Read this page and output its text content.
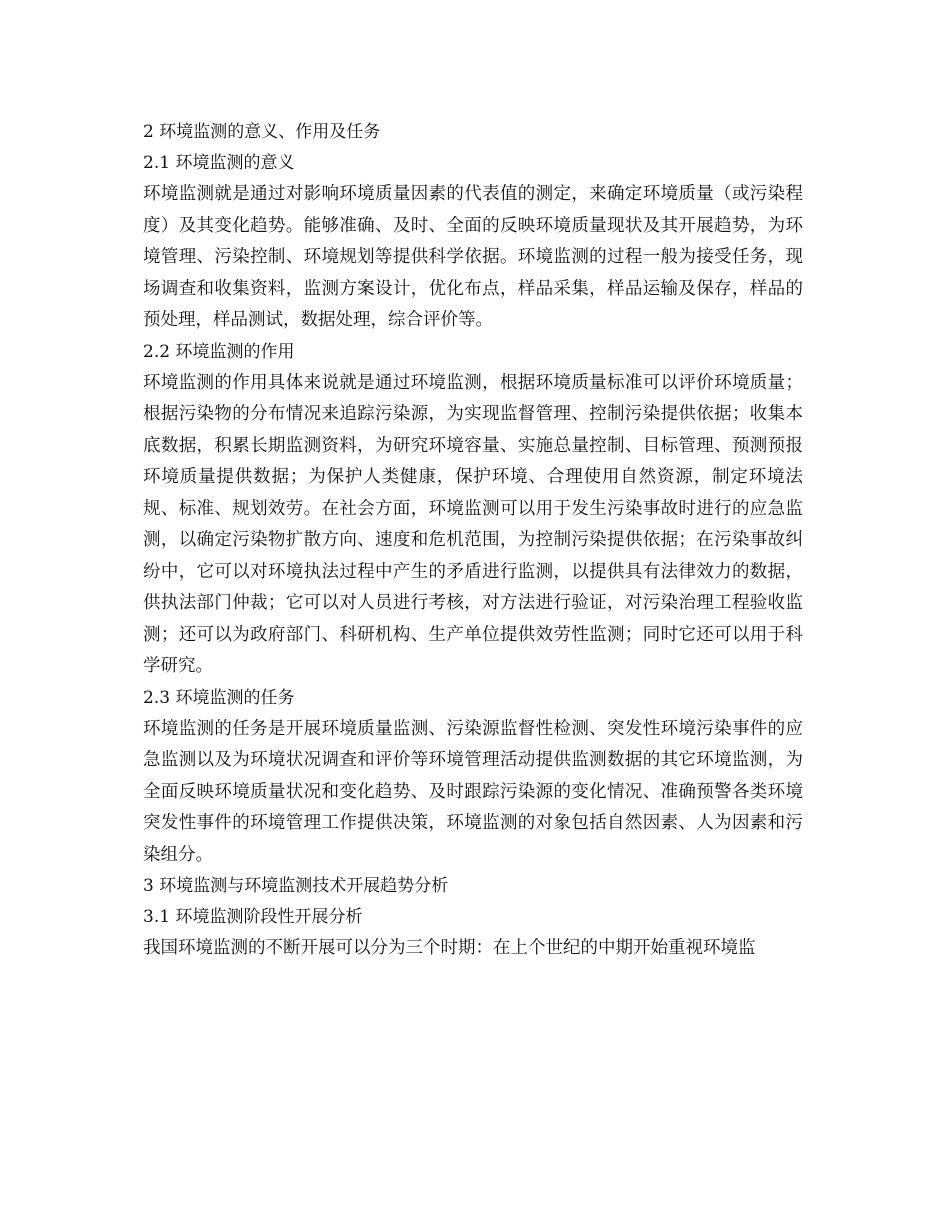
2 环境监测的意义、作用及任务

2.1 环境监测的意义

环境监测就是通过对影响环境质量因素的代表值的测定，来确定环境质量（或污染程度）及其变化趋势。能够准确、及时、全面的反映环境质量现状及其开展趋势，为环境管理、污染控制、环境规划等提供科学依据。环境监测的过程一般为接受任务，现场调查和收集资料，监测方案设计，优化布点，样品采集，样品运输及保存，样品的预处理，样品测试，数据处理，综合评价等。

2.2 环境监测的作用

环境监测的作用具体来说就是通过环境监测，根据环境质量标准可以评价环境质量；根据污染物的分布情况来追踪污染源，为实现监督管理、控制污染提供依据；收集本底数据，积累长期监测资料，为研究环境容量、实施总量控制、目标管理、预测预报环境质量提供数据；为保护人类健康，保护环境、合理使用自然资源，制定环境法规、标准、规划效劳。在社会方面，环境监测可以用于发生污染事故时进行的应急监测，以确定污染物扩散方向、速度和危机范围，为控制污染提供依据；在污染事故纠纷中，它可以对环境执法过程中产生的矛盾进行监测，以提供具有法律效力的数据，供执法部门仲裁；它可以对人员进行考核，对方法进行验证，对污染治理工程验收监测；还可以为政府部门、科研机构、生产单位提供效劳性监测；同时它还可以用于科学研究。

2.3 环境监测的任务

环境监测的任务是开展环境质量监测、污染源监督性检测、突发性环境污染事件的应急监测以及为环境状况调查和评价等环境管理活动提供监测数据的其它环境监测，为全面反映环境质量状况和变化趋势、及时跟踪污染源的变化情况、准确预警各类环境突发性事件的环境管理工作提供决策，环境监测的对象包括自然因素、人为因素和污染组分。

3 环境监测与环境监测技术开展趋势分析

3.1 环境监测阶段性开展分析

我国环境监测的不断开展可以分为三个时期：在上个世纪的中期开始重视环境监
